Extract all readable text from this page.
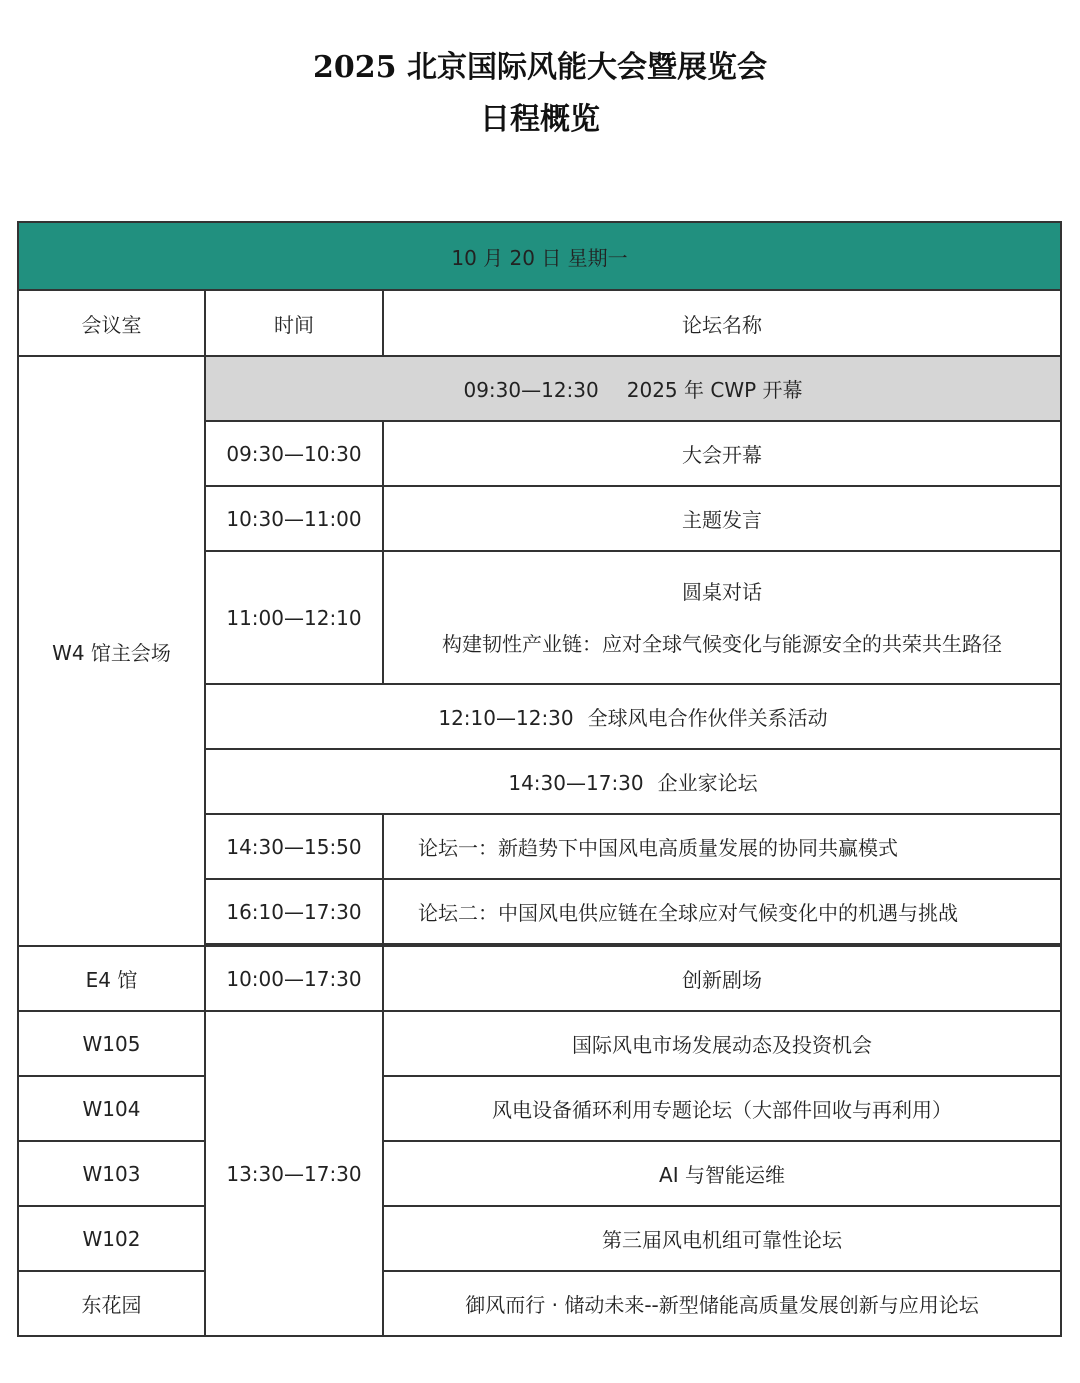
2025 北京国际风能大会暨展览会
日程概览
10 月 20 日 星期一		
会议室	时间	论坛名称
W4 馆主会场	09:30—12:30 2025 年 CWP 开幕	
	09:30—10:30	大会开幕
	10:30—11:00	主题发言
	11:00—12:10	圆桌对话
构建韧性产业链：应对全球气候变化与能源安全的共荣共生路径

	12:10—12:30 全球风电合作伙伴关系活动	
	14:30—17:30 企业家论坛	
	14:30—15:50	论坛一：新趋势下中国风电高质量发展的协同共赢模式
	16:10—17:30	论坛二：中国风电供应链在全球应对气候变化中的机遇与挑战

E4 馆	10:00—17:30	创新剧场
W105	13:30—17:30	国际风电市场发展动态及投资机会
W104		风电设备循环利用专题论坛（大部件回收与再利用）
W103		AI 与智能运维
W102		第三届风电机组可靠性论坛
东花园		御风而行 · 储动未来--新型储能高质量发展创新与应用论坛
